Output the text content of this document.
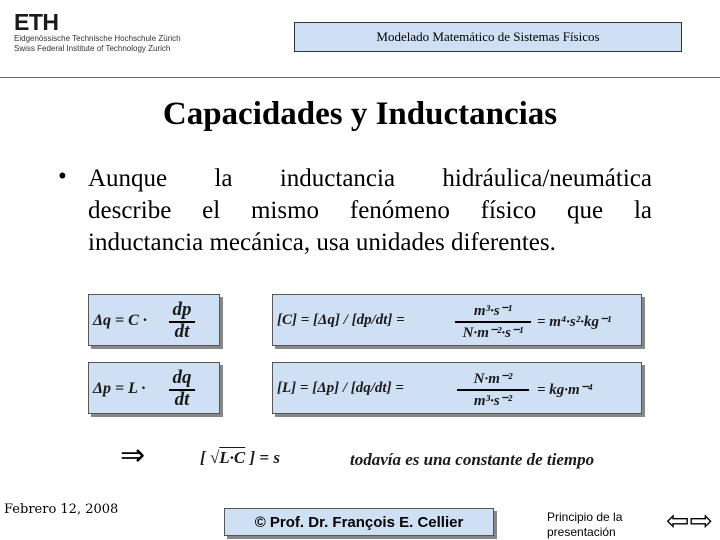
ETH
Eidgenössische Technische Hochschule Zürich
Swiss Federal Institute of Technology Zurich
Modelado Matemático de Sistemas Físicos
Capacidades y Inductancias
• Aunque la inductancia hidráulica/neumática
describe el mismo fenómeno físico que la
inductancia mecánica, usa unidades diferentes.
Δq = C ·
dp
dt
Δp = L ·
dq
dt
[C] = [Δq] / [dp/dt] =
m³·s⁻¹
N·m⁻²·s⁻¹
= m⁴·s²·kg⁻¹
[L] = [Δp] / [dq/dt] =
N·m⁻²
m³·s⁻²
= kg·m⁻⁴
⇒	[ √L·C ] = s	todavía es una constante de tiempo
Febrero 12, 2008
© Prof. Dr. François E. Cellier	Principio de la presentación	⇦⇨
